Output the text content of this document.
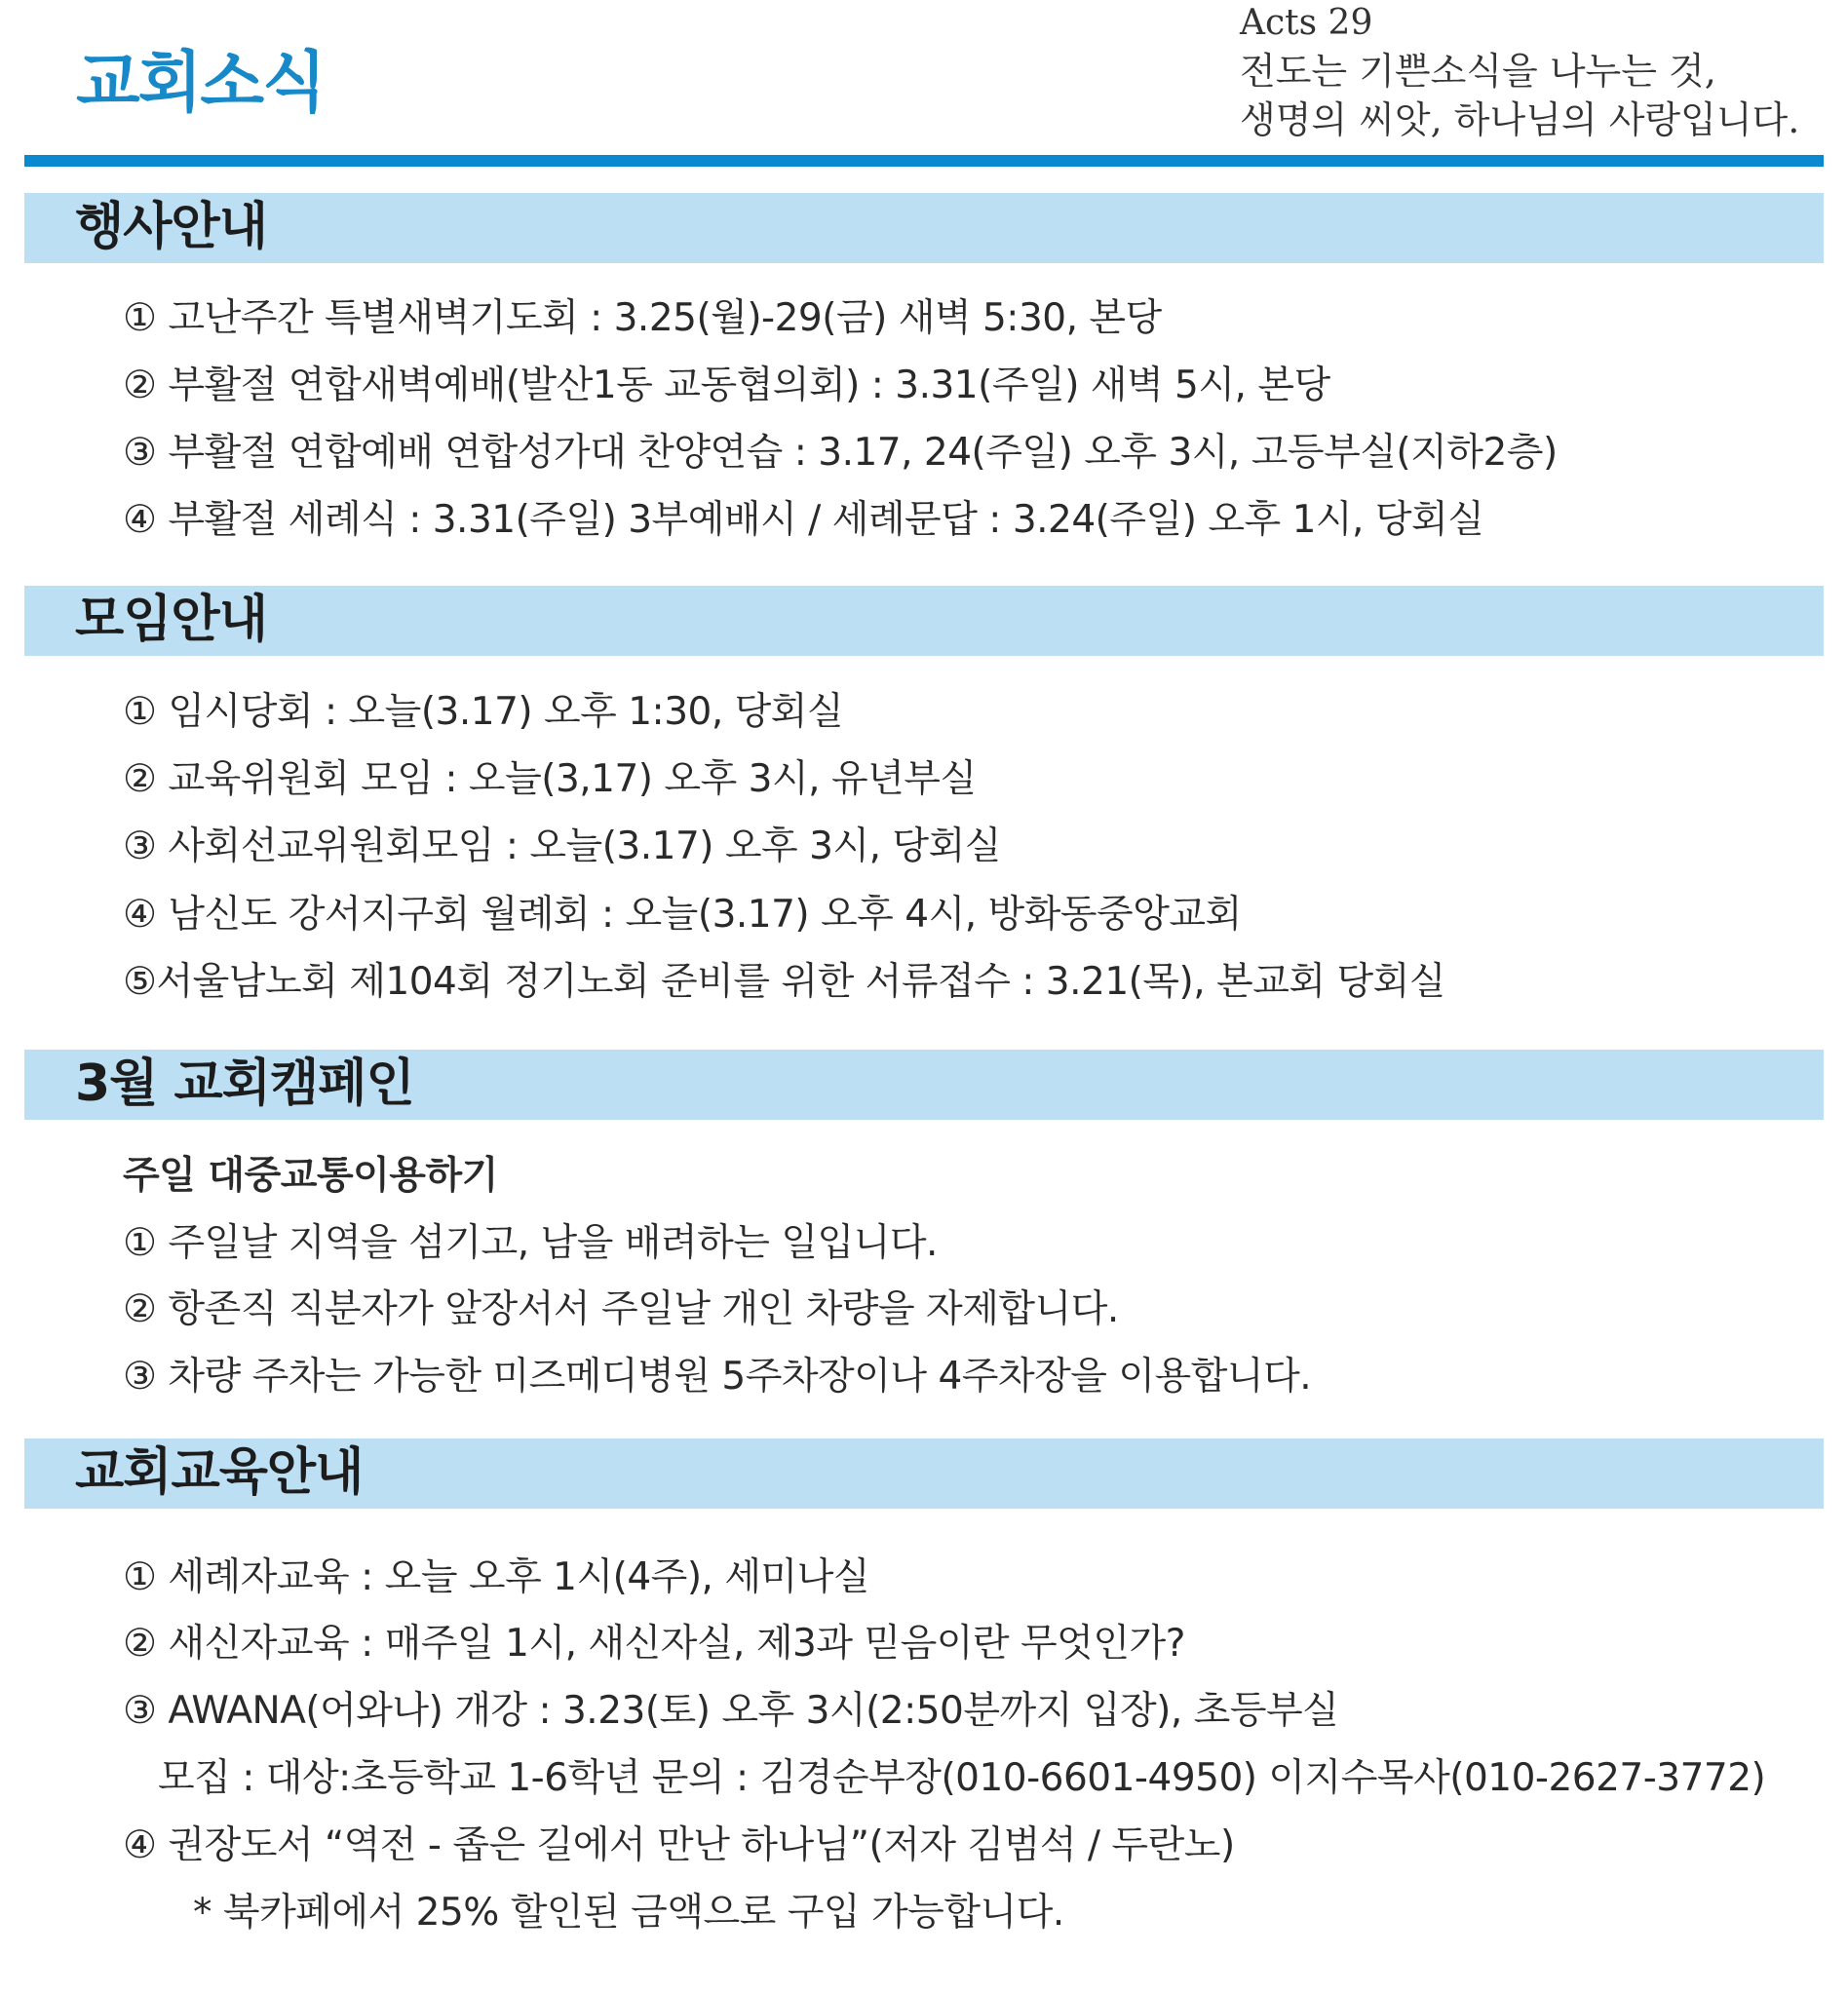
교회소식
Acts 29
전도는 기쁜소식을 나누는 것,
생명의 씨앗, 하나님의 사랑입니다.
행사안내
① 고난주간 특별새벽기도회 : 3.25(월)-29(금) 새벽 5:30, 본당
② 부활절 연합새벽예배(발산1동 교동협의회) : 3.31(주일) 새벽 5시, 본당
③ 부활절 연합예배 연합성가대 찬양연습 : 3.17, 24(주일) 오후 3시, 고등부실(지하2층)
④ 부활절 세례식 : 3.31(주일) 3부예배시 / 세례문답 : 3.24(주일) 오후 1시, 당회실
모임안내
① 임시당회 : 오늘(3.17) 오후 1:30, 당회실
② 교육위원회 모임 : 오늘(3,17) 오후 3시, 유년부실
③ 사회선교위원회모임 : 오늘(3.17) 오후 3시, 당회실
④ 남신도 강서지구회 월례회 : 오늘(3.17) 오후 4시, 방화동중앙교회
⑤서울남노회 제104회 정기노회 준비를 위한 서류접수 : 3.21(목), 본교회 당회실
3월 교회캠페인
주일 대중교통이용하기
① 주일날 지역을 섬기고, 남을 배려하는 일입니다.
② 항존직 직분자가 앞장서서 주일날 개인 차량을 자제합니다.
③ 차량 주차는 가능한 미즈메디병원 5주차장이나 4주차장을 이용합니다.
교회교육안내
① 세례자교육 : 오늘 오후 1시(4주), 세미나실
② 새신자교육 : 매주일 1시, 새신자실, 제3과 믿음이란 무엇인가?
③ AWANA(어와나) 개강 : 3.23(토) 오후 3시(2:50분까지 입장), 초등부실
모집 : 대상:초등학교 1-6학년 문의 : 김경순부장(010-6601-4950) 이지수목사(010-2627-3772)
④ 권장도서 “역전 - 좁은 길에서 만난 하나님”(저자 김범석 / 두란노)
* 북카페에서 25% 할인된 금액으로 구입 가능합니다.
